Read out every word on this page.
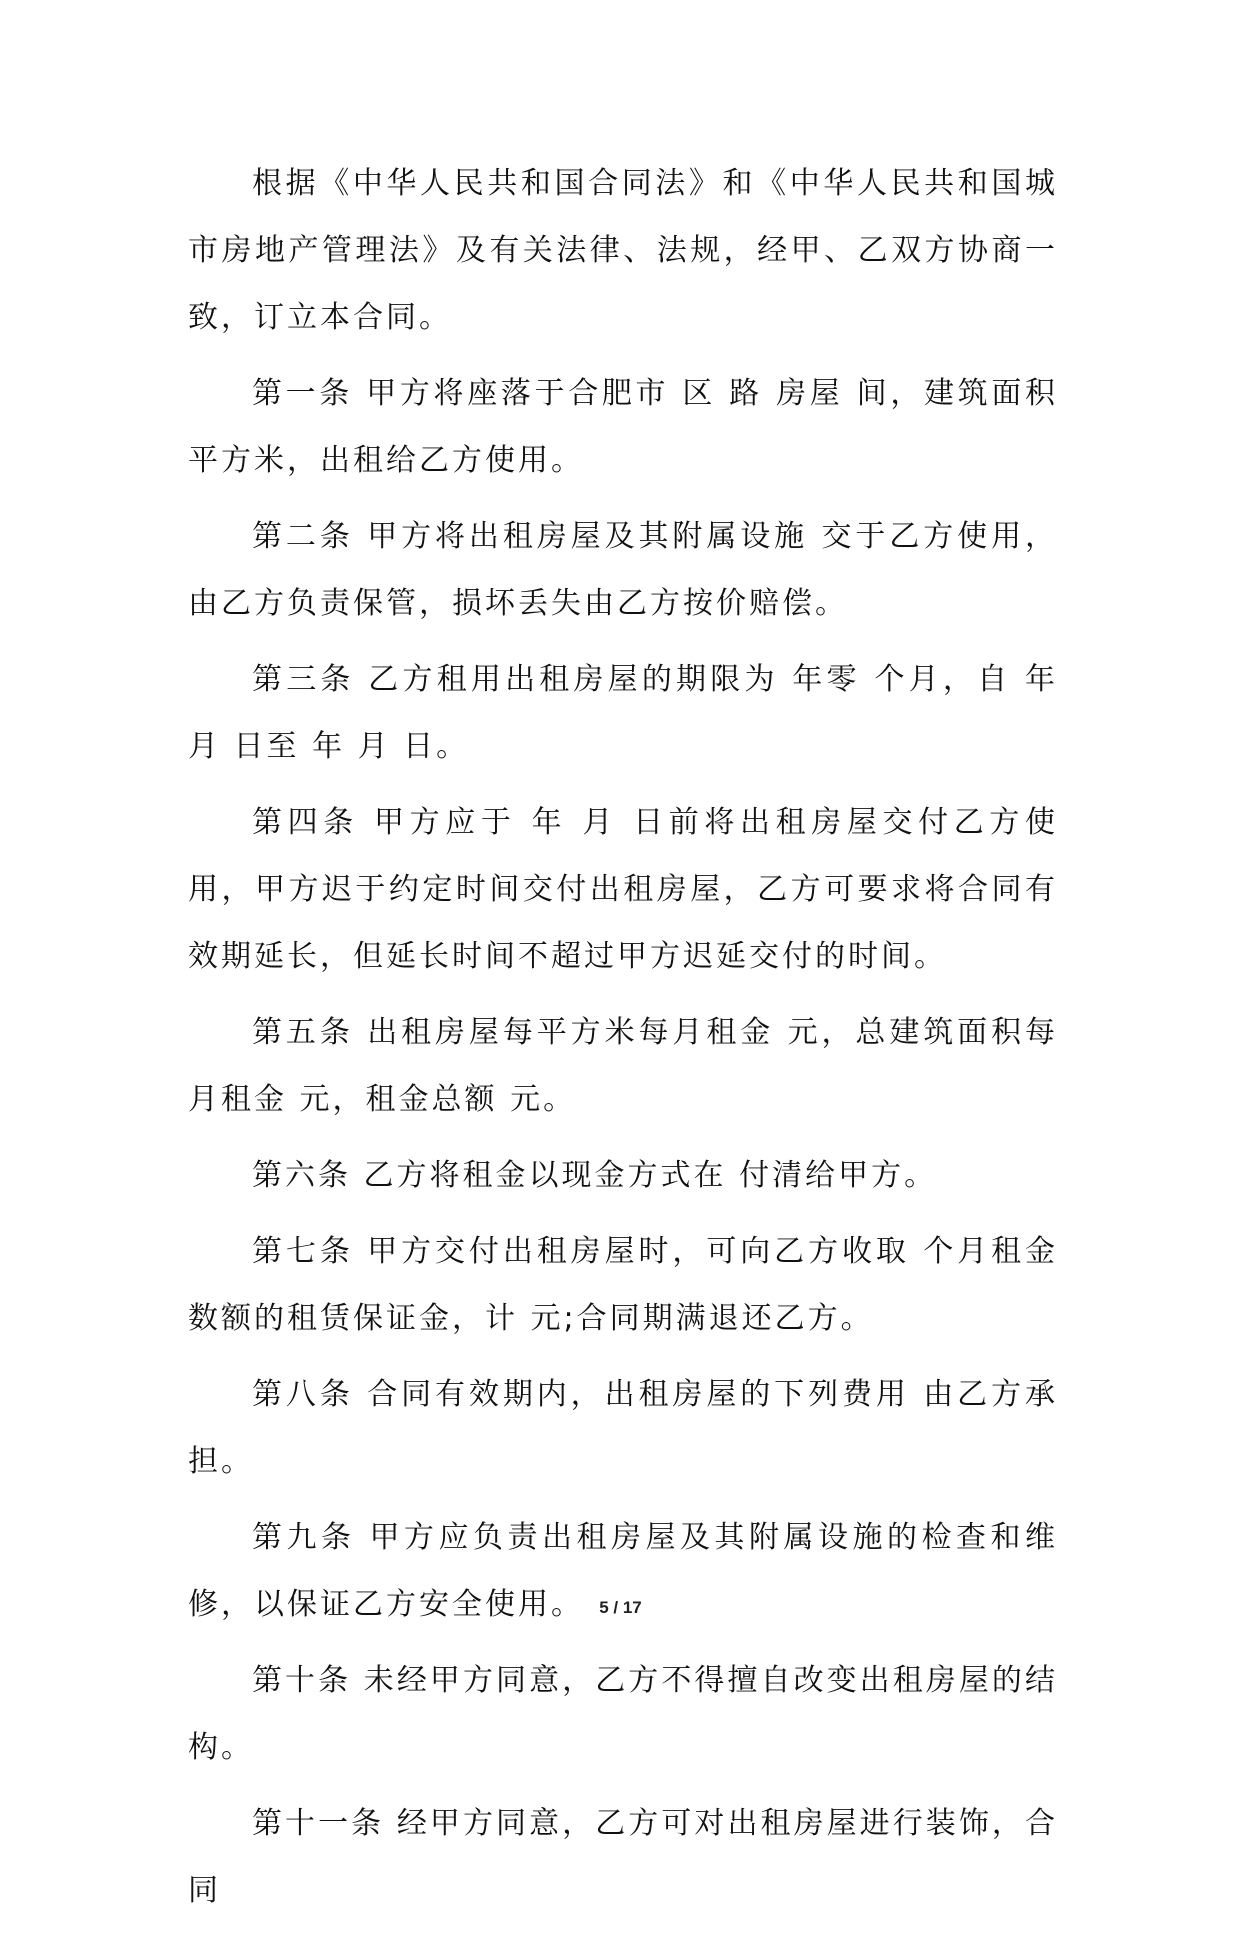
根据《中华人民共和国合同法》和《中华人民共和国城市房地产管理法》及有关法律、法规，经甲、乙双方协商一致，订立本合同。

第一条 甲方将座落于合肥市 区 路 房屋 间，建筑面积 平方米，出租给乙方使用。

第二条 甲方将出租房屋及其附属设施 交于乙方使用，由乙方负责保管，损坏丢失由乙方按价赔偿。

第三条 乙方租用出租房屋的期限为 年零 个月，自 年 月 日至 年 月 日。

第四条 甲方应于 年 月 日前将出租房屋交付乙方使用，甲方迟于约定时间交付出租房屋，乙方可要求将合同有效期延长，但延长时间不超过甲方迟延交付的时间。

第五条 出租房屋每平方米每月租金 元，总建筑面积每月租金 元，租金总额 元。

第六条 乙方将租金以现金方式在 付清给甲方。

第七条 甲方交付出租房屋时，可向乙方收取 个月租金数额的租赁保证金，计 元;合同期满退还乙方。

第八条 合同有效期内，出租房屋的下列费用 由乙方承担。

第九条 甲方应负责出租房屋及其附属设施的检查和维修，以保证乙方安全使用。

第十条 未经甲方同意，乙方不得擅自改变出租房屋的结构。

第十一条 经甲方同意，乙方可对出租房屋进行装饰，合同

5 / 17
